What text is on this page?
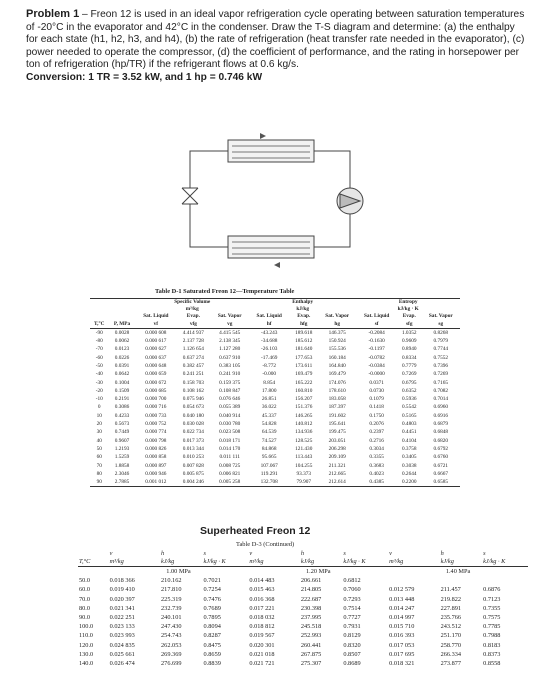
Problem 1 – Freon 12 is used in an ideal vapor refrigeration cycle operating between saturation temperatures of -20°C in the evaporator and 42°C in the condenser. Draw the T-S diagram and determine: (a) the enthalpy for each state (h1, h2, h3, and h4), (b) the rate of refrigeration (heat transfer rate needed in the evaporator), (c) power needed to operate the compressor, (d) the coefficient of performance, and the rating in horsepower per ton of refrigeration (hp/TR) if the refrigerant flows at 0.6 kg/s.
Conversion: 1 TR = 3.52 kW, and 1 hp = 0.746 kW
Table D-1 Saturated Freon 12—Temperature Table
		Specific Volume			Enthalpy			Entropy		
		m³/kg			kJ/kg			kJ/kg · K		
		Sat. Liquid	Evap.	Sat. Vapor	Sat. Liquid	Evap.	Sat. Vapor	Sat. Liquid	Evap.	Sat. Vapor
T,°C	P, MPa	vf	vfg	vg	hf	hfg	hg	sf	sfg	sg
-90	0.0028	0.000 608	4.414 937	4.415 545	-43.243	189.618	146.375	-0.2084	1.0352	0.8268
-80	0.0062	0.000 617	2.137 728	2.138 345	-34.688	185.612	150.924	-0.1630	0.9609	0.7979
-70	0.0123	0.000 627	1.126 654	1.127 280	-26.103	181.640	155.536	-0.1197	0.8940	0.7744
-60	0.0226	0.000 637	0.637 274	0.637 910	-17.469	177.653	160.184	-0.0782	0.8334	0.7552
-50	0.0391	0.000 648	0.382 457	0.383 105	-8.772	173.611	164.840	-0.0384	0.7779	0.7396
-40	0.0642	0.000 659	0.241 251	0.241 910	-0.000	169.479	169.479	-0.0000	0.7269	0.7269
-30	0.1004	0.000 672	0.158 703	0.159 375	8.854	165.222	174.076	0.0371	0.6795	0.7165
-20	0.1509	0.000 685	0.108 162	0.108 847	17.800	160.810	178.610	0.0730	0.6352	0.7082
-10	0.2191	0.000 700	0.075 946	0.076 646	26.851	156.207	183.058	0.1079	0.5936	0.7014
0	0.3086	0.000 716	0.054 673	0.055 389	36.022	151.376	187.397	0.1418	0.5542	0.6960
10	0.4233	0.000 733	0.040 180	0.040 914	45.337	146.265	191.602	0.1750	0.5165	0.6916
20	0.5673	0.000 752	0.030 028	0.030 780	54.828	140.812	195.641	0.2076	0.4803	0.6879
30	0.7449	0.000 774	0.022 734	0.023 508	64.539	134.936	199.475	0.2397	0.4451	0.6848
40	0.9607	0.000 798	0.017 373	0.018 171	74.527	128.525	203.051	0.2716	0.4104	0.6820
50	1.2193	0.000 826	0.013 344	0.014 170	84.868	121.430	206.298	0.3034	0.3758	0.6792
60	1.5259	0.000 858	0.010 253	0.011 111	95.665	113.443	209.109	0.3355	0.3405	0.6760
70	1.8858	0.000 897	0.007 828	0.008 725	107.067	104.255	211.321	0.3683	0.3038	0.6721
80	2.3046	0.000 946	0.005 875	0.006 821	119.291	93.373	212.665	0.4023	0.2644	0.6667
90	2.7885	0.001 012	0.004 246	0.005 258	132.708	79.907	212.614	0.4385	0.2200	0.6585
Superheated Freon 12
Table D-3 (Continued)
	v	h	s	v	h	s	v	h	s
T,°C	m³/kg	kJ/kg	kJ/kg · K	m³/kg	kJ/kg	kJ/kg · K	m³/kg	kJ/kg	kJ/kg · K
	1.00 MPa			1.20 MPa			1.40 MPa		
50.0	0.018 366	210.162	0.7021	0.014 483	206.661	0.6812			
60.0	0.019 410	217.810	0.7254	0.015 463	214.805	0.7060	0.012 579	211.457	0.6876
70.0	0.020 397	225.319	0.7476	0.016 368	222.687	0.7293	0.013 448	219.822	0.7123
80.0	0.021 341	232.739	0.7689	0.017 221	230.398	0.7514	0.014 247	227.891	0.7355
90.0	0.022 251	240.101	0.7895	0.018 032	237.995	0.7727	0.014 997	235.766	0.7575
100.0	0.023 133	247.430	0.8094	0.018 812	245.518	0.7931	0.015 710	243.512	0.7785
110.0	0.023 993	254.743	0.8287	0.019 567	252.993	0.8129	0.016 393	251.170	0.7988
120.0	0.024 835	262.053	0.8475	0.020 301	260.441	0.8320	0.017 053	258.770	0.8183
130.0	0.025 661	269.369	0.8659	0.021 018	267.875	0.8507	0.017 695	266.334	0.8373
140.0	0.026 474	276.699	0.8839	0.021 721	275.307	0.8689	0.018 321	273.877	0.8558
